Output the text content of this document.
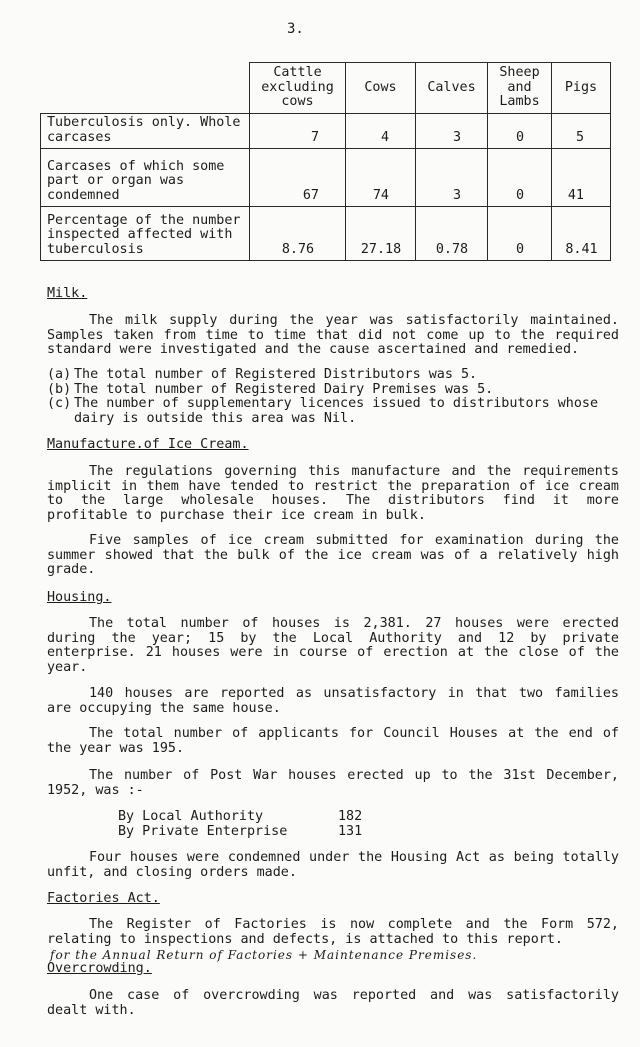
3.
	Cattle excluding cows	Cows	Calves	Sheep and Lambs	Pigs
Tuberculosis only. Whole carcases	7	4	3	0	5
Carcases of which some part or organ was condemned	67	74	3	0	41
Percentage of the number inspected affected with tuberculosis	8.76	27.18	0.78	0	8.41
Milk.

The milk supply during the year was satisfactorily maintained. Samples taken from time to time that did not come up to the required standard were investigated and the cause ascertained and remedied.

(a) The total number of Registered Distributors was 5.
(b) The total number of Registered Dairy Premises was 5.
(c) The number of supplementary licences issued to distributors whose dairy is outside this area was Nil.
Manufacture.of Ice Cream.

The regulations governing this manufacture and the requirements implicit in them have tended to restrict the preparation of ice cream to the large wholesale houses. The distributors find it more profitable to purchase their ice cream in bulk.

Five samples of ice cream submitted for examination during the summer showed that the bulk of the ice cream was of a relatively high grade.

Housing.

The total number of houses is 2,381. 27 houses were erected during the year; 15 by the Local Authority and 12 by private enterprise. 21 houses were in course of erection at the close of the year.

140 houses are reported as unsatisfactory in that two families are occupying the same house.

The total number of applicants for Council Houses at the end of the year was 195.

The number of Post War houses erected up to the 31st December, 1952, was :-

By Local Authority	182
By Private Enterprise	131

Four houses were condemned under the Housing Act as being totally unfit, and closing orders made.

Factories Act.

The Register of Factories is now complete and the Form 572, relating to inspections and defects, is attached to this report.

for the Annual Return of Factories + Maintenance Premises.
Overcrowding.

One case of overcrowding was reported and was satisfactorily dealt with.
